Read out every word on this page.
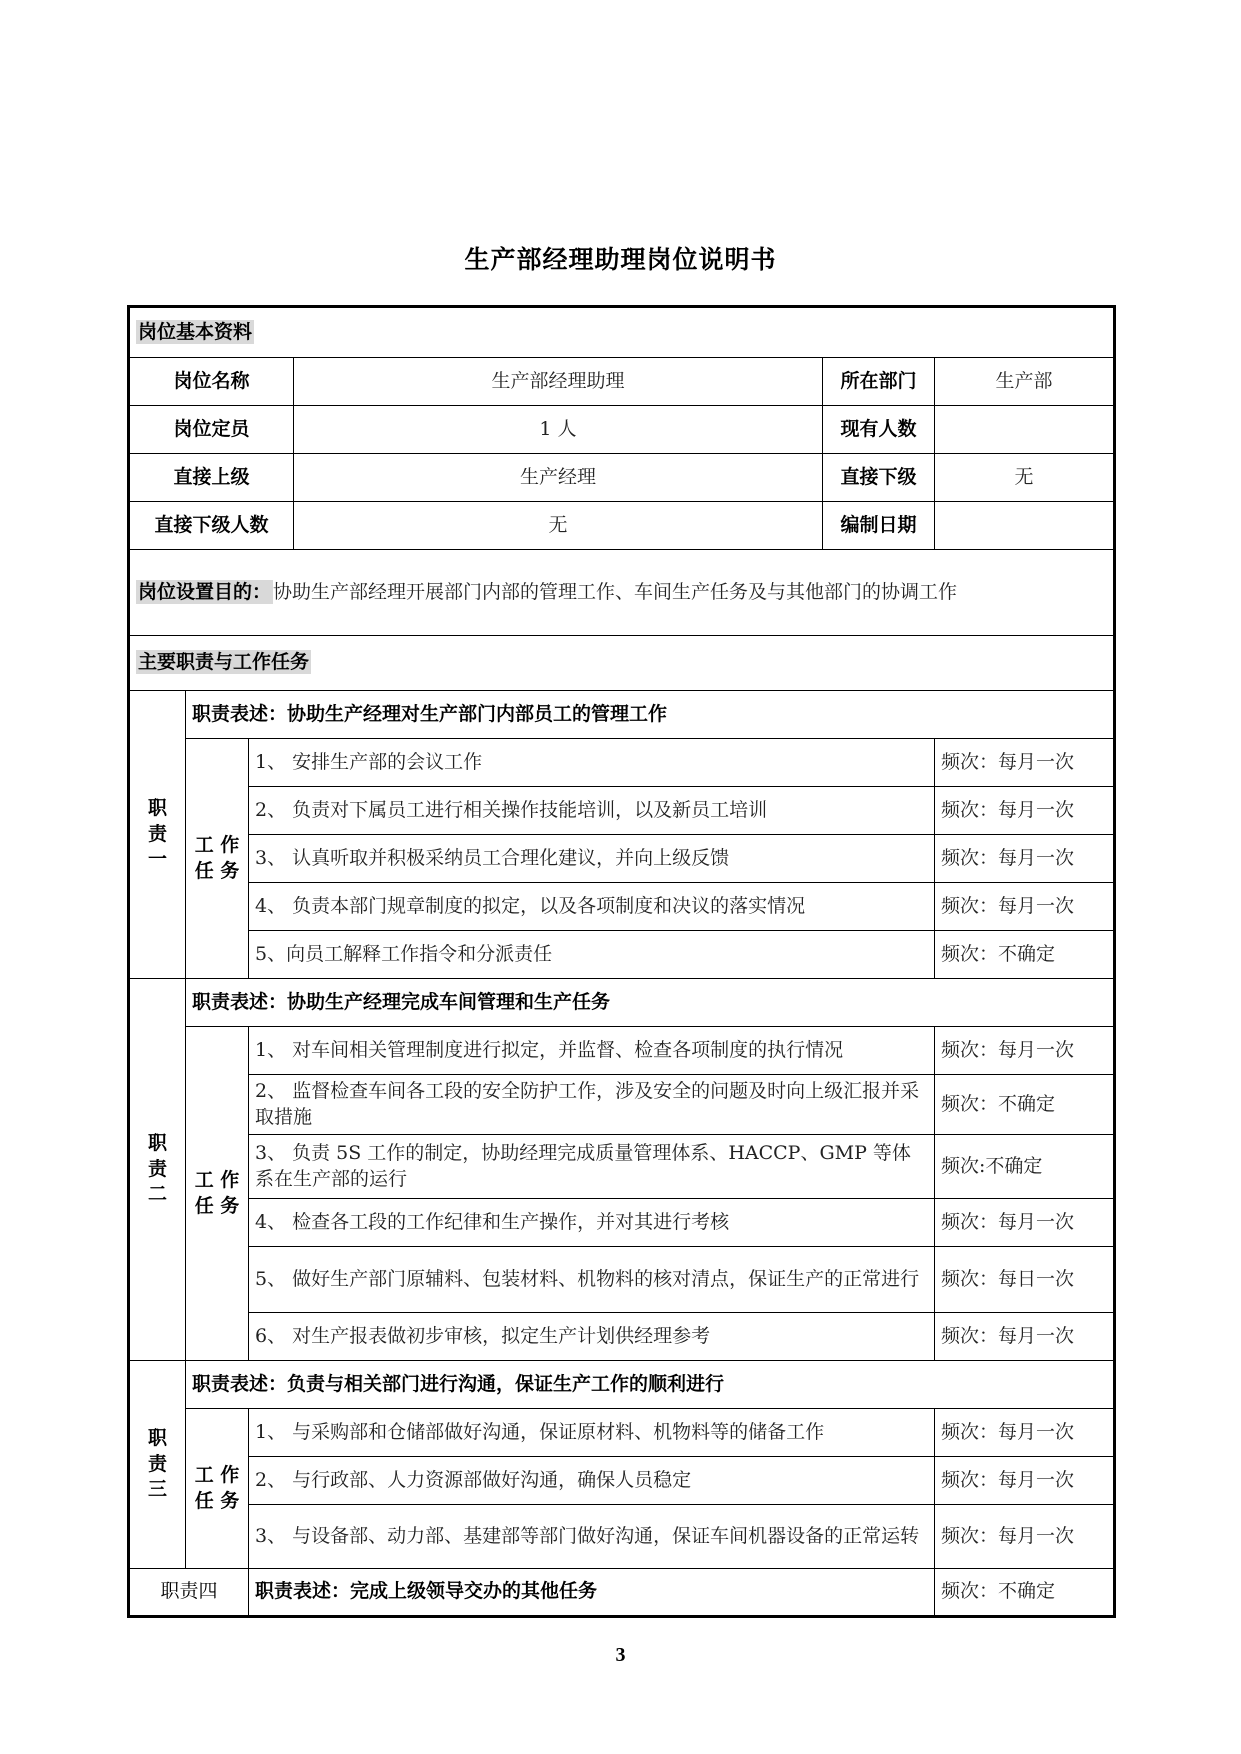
生产部经理助理岗位说明书
岗位基本资料					
岗位名称			生产部经理助理	所在部门	生产部
岗位定员			1 人	现有人数	
直接上级			生产经理	直接下级	无
直接下级人数			无	编制日期	
岗位设置目的： 协助生产部经理开展部门内部的管理工作、车间生产任务及与其他部门的协调工作					
主要职责与工作任务					
职
责
一	职责表述：协助生产经理对生产部门内部员工的管理工作				
	工 作
任 务	1、 安排生产部的会议工作			频次：每月一次
		2、 负责对下属员工进行相关操作技能培训，以及新员工培训			频次：每月一次
		3、 认真听取并积极采纳员工合理化建议，并向上级反馈			频次：每月一次
		4、 负责本部门规章制度的拟定，以及各项制度和决议的落实情况			频次：每月一次
		5、向员工解释工作指令和分派责任			频次：不确定
职
责
二	职责表述：协助生产经理完成车间管理和生产任务				
	工 作
任 务	1、 对车间相关管理制度进行拟定，并监督、检查各项制度的执行情况			频次：每月一次
		2、 监督检查车间各工段的安全防护工作，涉及安全的问题及时向上级汇报并采取措施			频次：不确定
		3、 负责 5S 工作的制定，协助经理完成质量管理体系、HACCP、GMP 等体系在生产部的运行			频次:不确定
		4、 检查各工段的工作纪律和生产操作，并对其进行考核			频次：每月一次
		5、 做好生产部门原辅料、包装材料、机物料的核对清点，保证生产的正常进行			频次：每日一次
		6、 对生产报表做初步审核，拟定生产计划供经理参考			频次：每月一次
职
责
三	职责表述：负责与相关部门进行沟通，保证生产工作的顺利进行				
	工 作
任 务	1、 与采购部和仓储部做好沟通，保证原材料、机物料等的储备工作			频次：每月一次
		2、 与行政部、人力资源部做好沟通，确保人员稳定			频次：每月一次
		3、 与设备部、动力部、基建部等部门做好沟通，保证车间机器设备的正常运转			频次：每月一次
职责四		职责表述：完成上级领导交办的其他任务			频次：不确定
3
